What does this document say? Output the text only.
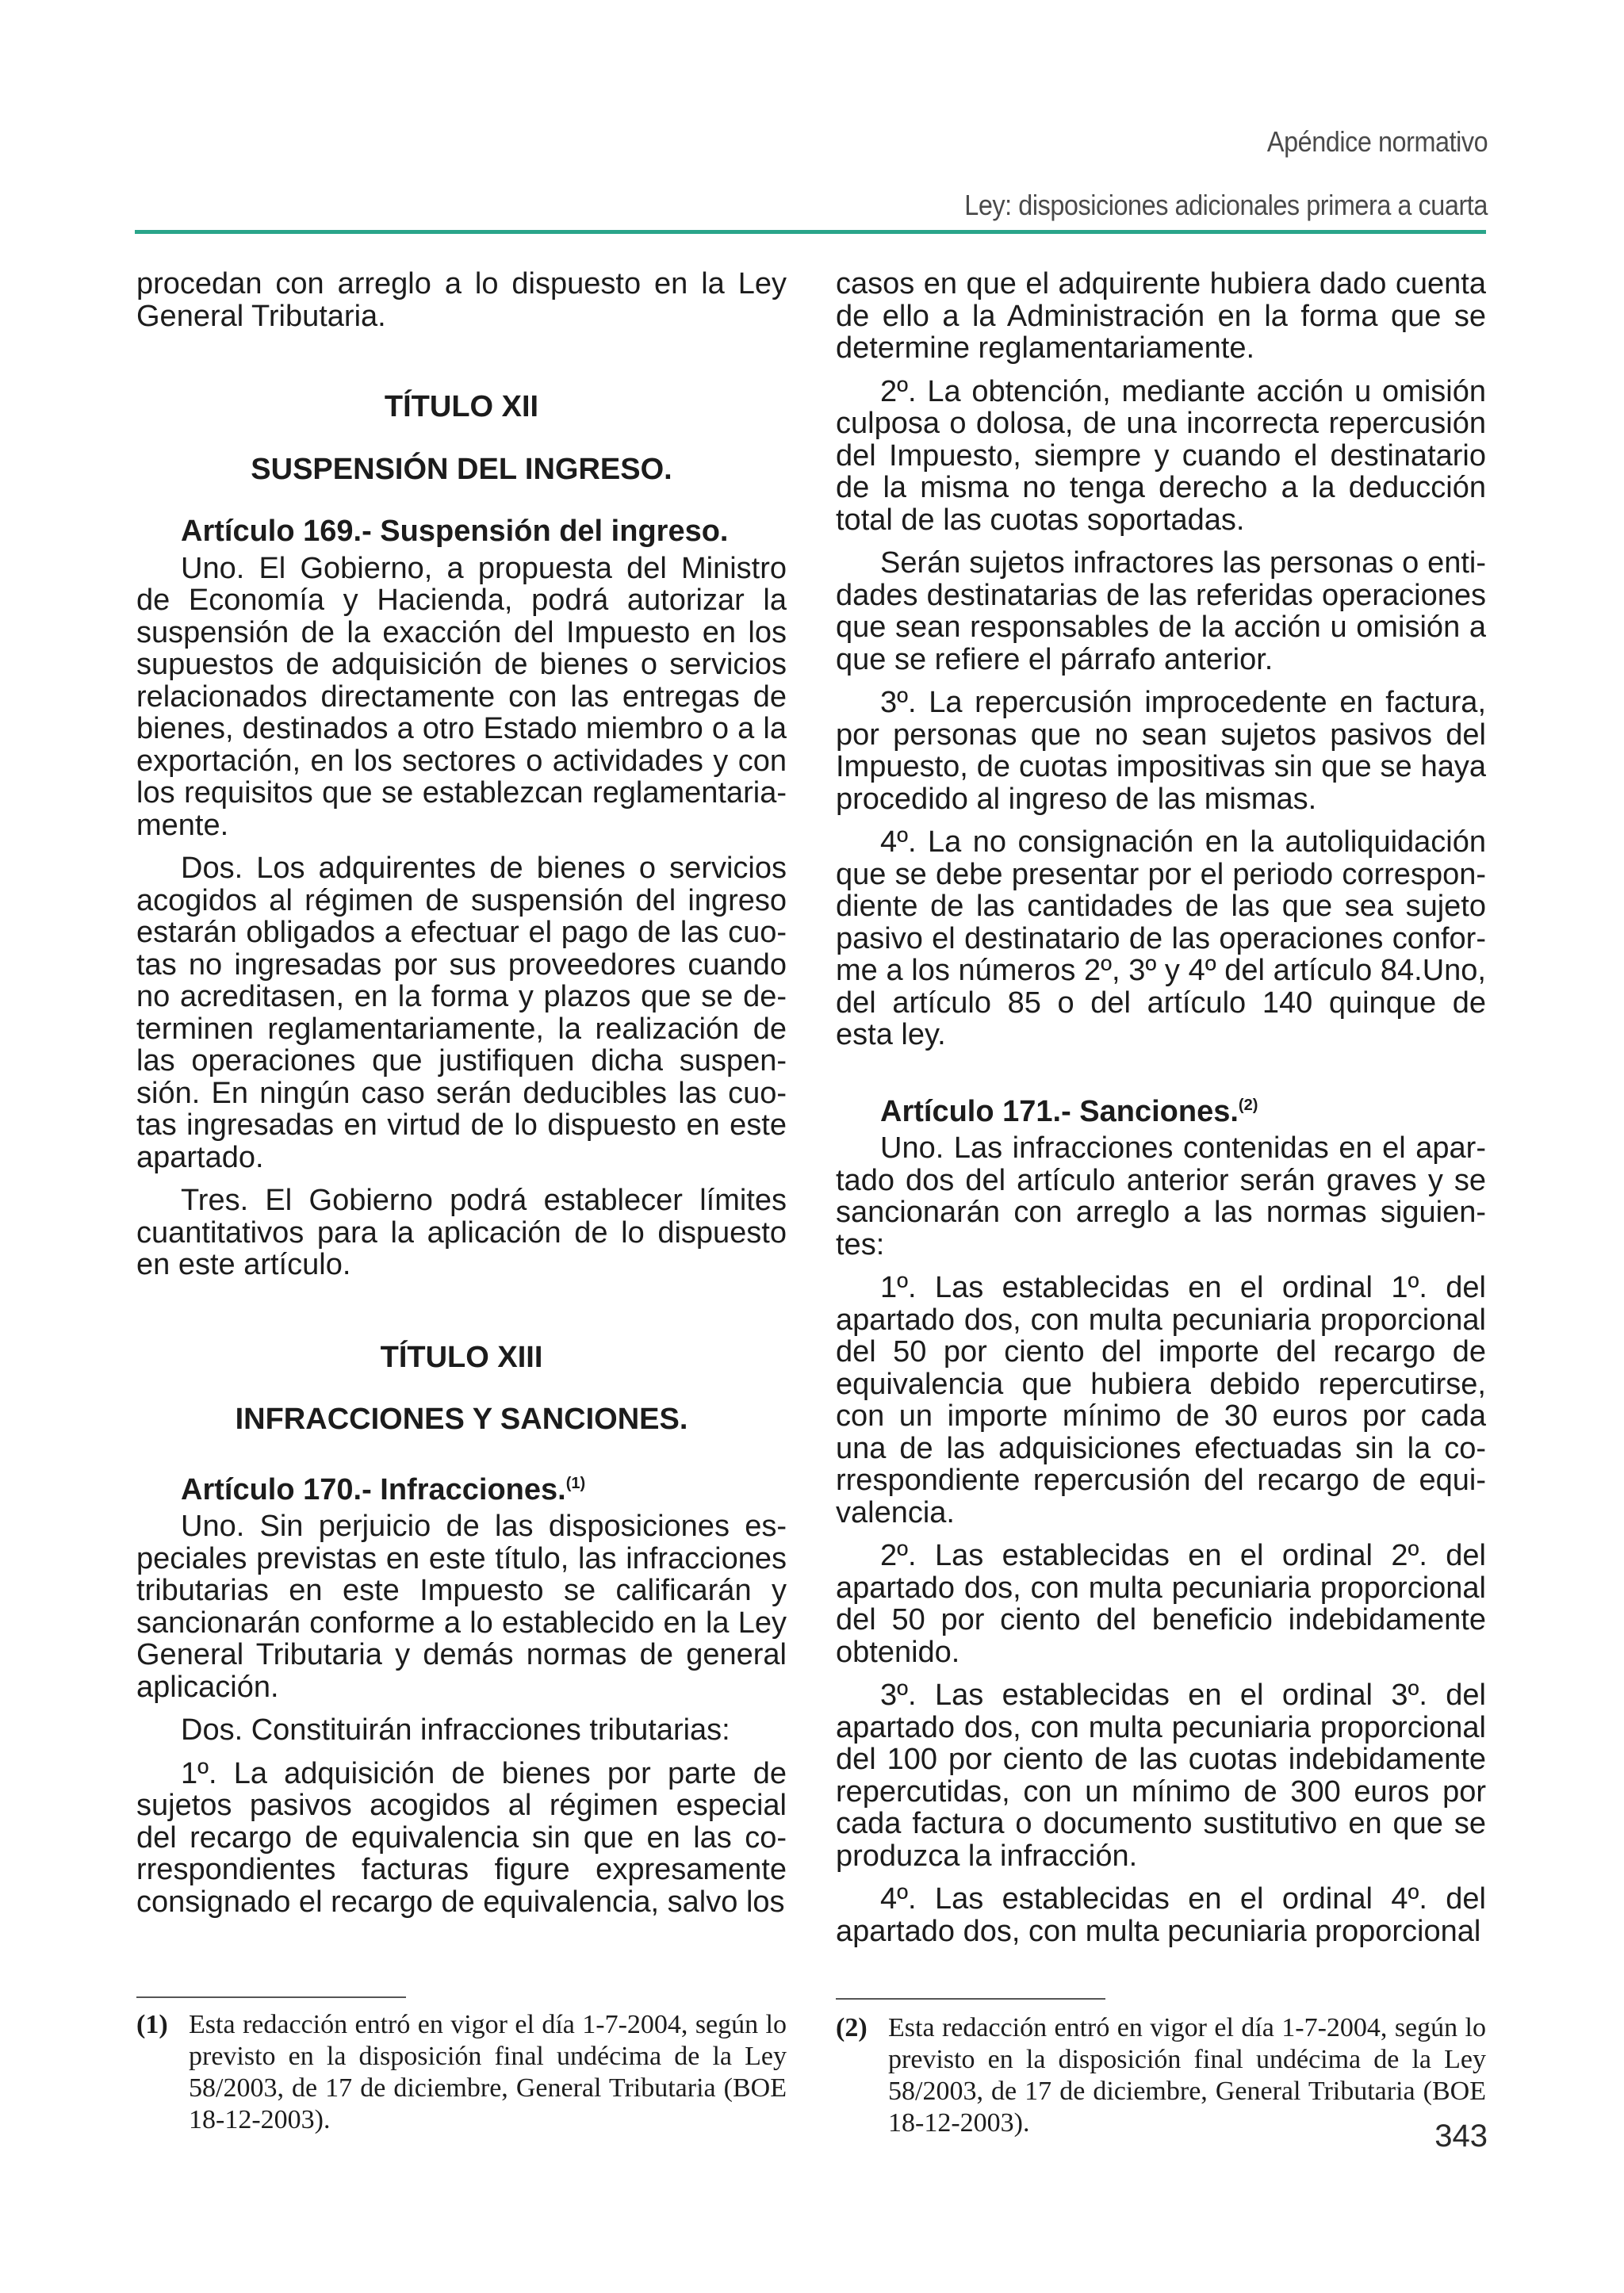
Apéndice normativo
Ley: disposiciones adicionales primera a cuarta

procedan con arreglo a lo dispuesto en la Ley General Tributaria.

TÍTULO XII
SUSPENSIÓN DEL INGRESO.
Artículo 169.- Suspensión del ingreso.

Uno. El Gobierno, a propuesta del Ministro de Economía y Hacienda, podrá autorizar la suspensión de la exacción del Impuesto en los supuestos de adquisición de bienes o servicios relacionados directamente con las entregas de bienes, destinados a otro Estado miembro o a la exportación, en los sectores o actividades y con los requisitos que se establezcan reglamentariamente.

Dos. Los adquirentes de bienes o servicios acogidos al régimen de suspensión del ingreso estarán obligados a efectuar el pago de las cuotas no ingresadas por sus proveedores cuando no acreditasen, en la forma y plazos que se determinen reglamentariamente, la realización de las operaciones que justifiquen dicha suspensión. En ningún caso serán deducibles las cuotas ingresadas en virtud de lo dispuesto en este apartado.

Tres. El Gobierno podrá establecer límites cuantitativos para la aplicación de lo dispuesto en este artículo.

TÍTULO XIII
INFRACCIONES Y SANCIONES.
Artículo 170.- Infracciones.$^{(1)}$

Uno. Sin perjuicio de las disposiciones especiales previstas en este título, las infracciones tributarias en este Impuesto se calificarán y sancionarán conforme a lo establecido en la Ley General Tributaria y demás normas de general aplicación.

Dos. Constituirán infracciones tributarias:

1º. La adquisición de bienes por parte de sujetos pasivos acogidos al régimen especial del recargo de equivalencia sin que en las correspondientes facturas figure expresamente consignado el recargo de equivalencia, salvo los

casos en que el adquirente hubiera dado cuenta de ello a la Administración en la forma que se determine reglamentariamente.

2º. La obtención, mediante acción u omisión culposa o dolosa, de una incorrecta repercusión del Impuesto, siempre y cuando el destinatario de la misma no tenga derecho a la deducción total de las cuotas soportadas.

Serán sujetos infractores las personas o entidades destinatarias de las referidas operaciones que sean responsables de la acción u omisión a que se refiere el párrafo anterior.

3º. La repercusión improcedente en factura, por personas que no sean sujetos pasivos del Impuesto, de cuotas impositivas sin que se haya procedido al ingreso de las mismas.

4º. La no consignación en la autoliquidación que se debe presentar por el periodo correspondiente de las cantidades de las que sea sujeto pasivo el destinatario de las operaciones conforme a los números 2º, 3º y 4º del artículo 84.Uno, del artículo 85 o del artículo 140 quinque de esta ley.

Artículo 171.- Sanciones.$^{(2)}$

Uno. Las infracciones contenidas en el apartado dos del artículo anterior serán graves y se sancionarán con arreglo a las normas siguientes:

1º. Las establecidas en el ordinal 1º. del apartado dos, con multa pecuniaria proporcional del 50 por ciento del importe del recargo de equivalencia que hubiera debido repercutirse, con un importe mínimo de 30 euros por cada una de las adquisiciones efectuadas sin la correspondiente repercusión del recargo de equivalencia.

2º. Las establecidas en el ordinal 2º. del apartado dos, con multa pecuniaria proporcional del 50 por ciento del beneficio indebidamente obtenido.

3º. Las establecidas en el ordinal 3º. del apartado dos, con multa pecuniaria proporcional del 100 por ciento de las cuotas indebidamente repercutidas, con un mínimo de 300 euros por cada factura o documento sustitutivo en que se produzca la infracción.

4º. Las establecidas en el ordinal 4º. del apartado dos, con multa pecuniaria proporcional

(1) Esta redacción entró en vigor el día 1-7-2004, según lo previsto en la disposición final undécima de la Ley 58/2003, de 17 de diciembre, General Tributaria (BOE 18-12-2003).
(2) Esta redacción entró en vigor el día 1-7-2004, según lo previsto en la disposición final undécima de la Ley 58/2003, de 17 de diciembre, General Tributaria (BOE 18-12-2003).	343
